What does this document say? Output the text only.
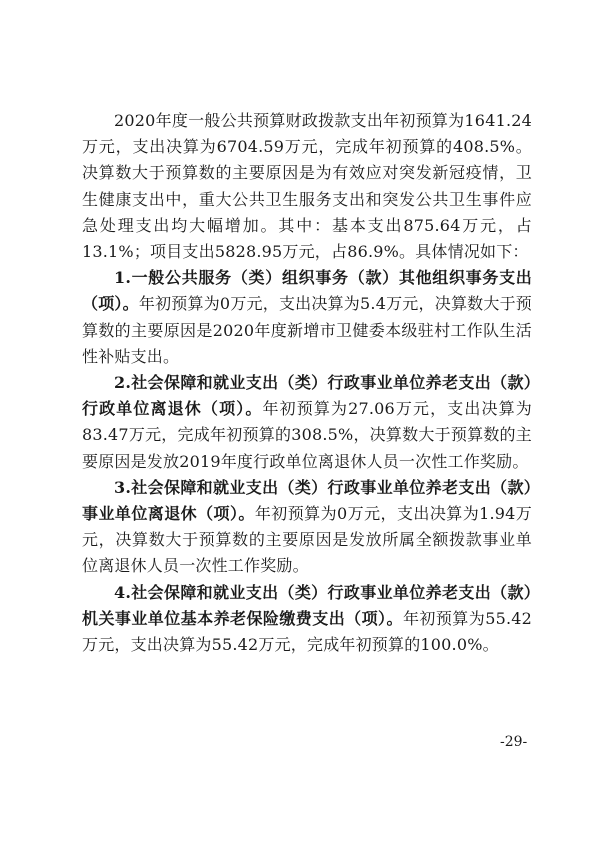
2020年度一般公共预算财政拨款支出年初预算为1641.24万元，支出决算为6704.59万元，完成年初预算的408.5%。决算数大于预算数的主要原因是为有效应对突发新冠疫情，卫生健康支出中，重大公共卫生服务支出和突发公共卫生事件应急处理支出均大幅增加。其中：基本支出875.64万元，占13.1%；项目支出5828.95万元，占86.9%。具体情况如下：

1.一般公共服务（类）组织事务（款）其他组织事务支出（项）。年初预算为0万元，支出决算为5.4万元，决算数大于预算数的主要原因是2020年度新增市卫健委本级驻村工作队生活性补贴支出。

2.社会保障和就业支出（类）行政事业单位养老支出（款）行政单位离退休（项）。年初预算为27.06万元，支出决算为83.47万元，完成年初预算的308.5%，决算数大于预算数的主要原因是发放2019年度行政单位离退休人员一次性工作奖励。

3.社会保障和就业支出（类）行政事业单位养老支出（款）事业单位离退休（项）。年初预算为0万元，支出决算为1.94万元，决算数大于预算数的主要原因是发放所属全额拨款事业单位离退休人员一次性工作奖励。

4.社会保障和就业支出（类）行政事业单位养老支出（款）机关事业单位基本养老保险缴费支出（项）。年初预算为55.42万元，支出决算为55.42万元，完成年初预算的100.0%。

-29-
